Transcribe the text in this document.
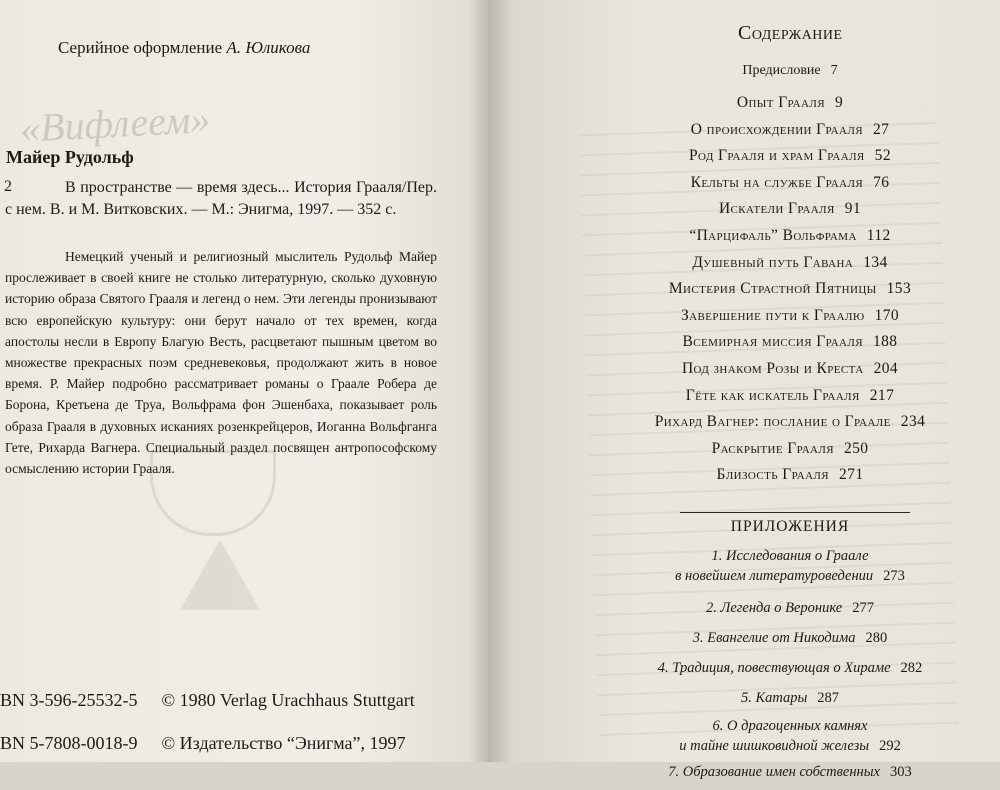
«Вифлеем»
Серийное оформление А. Юликова
Майер Рудольф
2	В пространстве — время здесь... История Грааля/Пер. с нем. В. и М. Витковских. — М.: Энигма, 1997. — 352 с.

Немецкий ученый и религиозный мыслитель Рудольф Майер прослеживает в своей книге не столько литературную, сколько духовную историю образа Святого Грааля и легенд о нем. Эти легенды пронизывают всю европейскую культуру: они берут начало от тех времен, когда апостолы несли в Европу Благую Весть, расцветают пышным цветом во множестве прекрасных поэм средневековья, продолжают жить в новое время. Р. Майер подробно рассматривает романы о Граале Робера де Борона, Кретьена де Труа, Вольфрама фон Эшенбаха, показывает роль образа Грааля в духовных исканиях розенкрейцеров, Иоганна Вольфганга Гете, Рихарда Вагнера. Специальный раздел посвящен антропософскому осмыслению истории Грааля.

BN 3-596-25532-5 © 1980 Verlag Urachhaus Stuttgart
BN 5-7808-0018-9 © Издательство “Энигма”, 1997
Содержание
Предисловие 7
Опыт Грааля 9
О происхождении Грааля 27
Род Грааля и храм Грааля 52
Кельты на службе Грааля 76
Искатели Грааля 91
“Парцифаль” Вольфрама 112
Душевный путь Гавана 134
Мистерия Страстной Пятницы 153
Завершение пути к Граалю 170
Всемирная миссия Грааля 188
Под знаком Розы и Креста 204
Гёте как искатель Грааля 217
Рихард Вагнер: послание о Граале 234
Раскрытие Грааля 250
Близость Грааля 271
ПРИЛОЖЕНИЯ
1. Исследования о Граале
в новейшем литературоведении 273
2. Легенда о Веронике 277
3. Евангелие от Никодима 280
4. Традиция, повествующая о Хираме 282
5. Катары 287
6. О драгоценных камнях
и тайне шишковидной железы 292
7. Образование имен собственных 303
